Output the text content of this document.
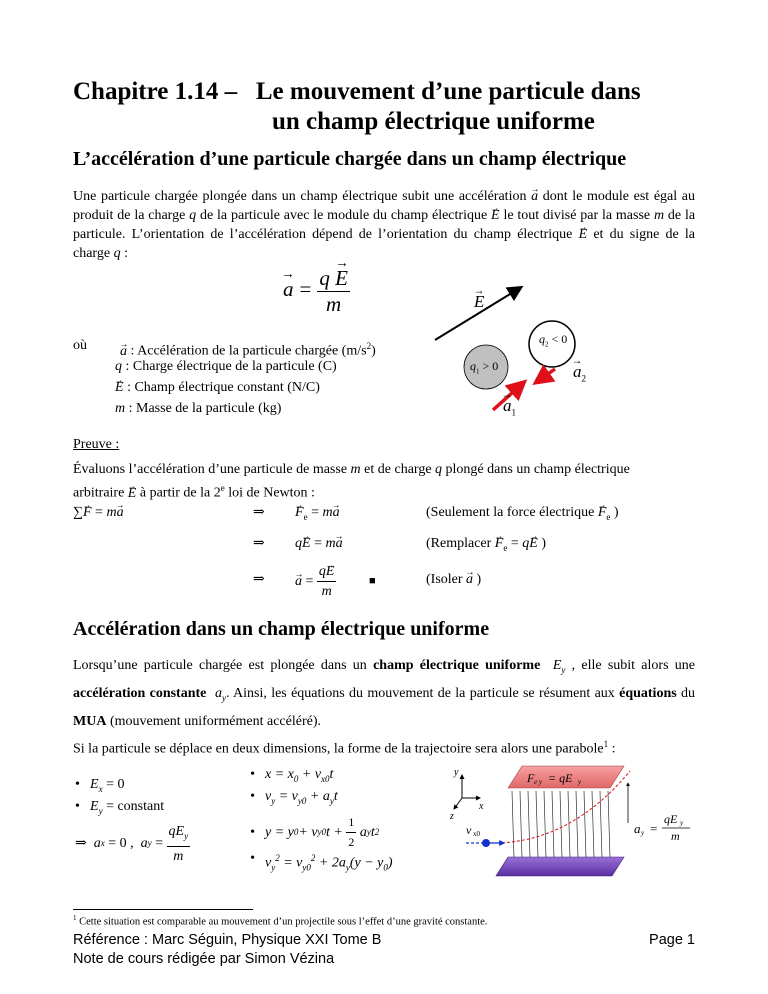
Chapitre 1.14 –   Le mouvement d’une particule dans
un champ électrique uniforme
L’accélération d’une particule chargée dans un champ électrique

Une particule chargée plongée dans un champ électrique subit une accélération → a dont le module est égal au produit de la charge q de la particule avec le module du champ électrique → E le tout divisé par la masse m de la particule. L’orientation de l’accélération dépend de l’orientation du champ électrique → E et du signe de la charge q :

→ $a = \frac{q \to E}{m}$
où → a : Accélération de la particule chargée $(m/s^2)$
q : Charge électrique de la particule (C)
→ E : Champ électrique constant (N/C)
m : Masse de la particule (kg)
→ E
$q_1 > 0$
$q_2 < 0$
→ $a_1$
→ $a_2$
Preuve :

Évaluons l’accélération d’une particule de masse m et de charge q plongé dans un champ électrique
arbitraire → E à partir de la 2e loi de Newton :

∑→ F = m→ a	⇒ → $F_e = m\to a$	(Seulement la force électrique → $F_e$ )
⇒ q→ E = m→ a	(Remplacer → $F_e = q\to E$ )
⇒ → $a = \frac{q\to E}{m}$	■	(Isoler → a )
Accélération dans un champ électrique uniforme

Lorsqu’une particule chargée est plongée dans un champ électrique uniforme  $E_y$ , elle subit alors une accélération constante  $a_y$. Ainsi, les équations du mouvement de la particule se résument aux équations du MUA (mouvement uniformément accéléré).

Si la particule se déplace en deux dimensions, la forme de la trajectoire sera alors une parabole$^1$ :

• $E_x = 0$
• $E_y$ = constant
⇒ a x = 0 , a $y = \frac{qE_y}{m}$
• $x = x_0 + v_{x0}t$
• $v_y = v_{y0} + a_yt$
• y = y 0 + v y0 $t + \frac{1}{2}$ a y t 2
• $v_y^2 = v_{y0}^2 + 2a_y(y - y_0)$
y
x
z
F e y = qE y
v x0	a y =
qE y
m
$^1$ Cette situation est comparable au mouvement d’un projectile sous l’effet d’une gravité constante.
Référence : Marc Séguin, Physique XXI Tome B
Note de cours rédigée par Simon Vézina
Page 1
